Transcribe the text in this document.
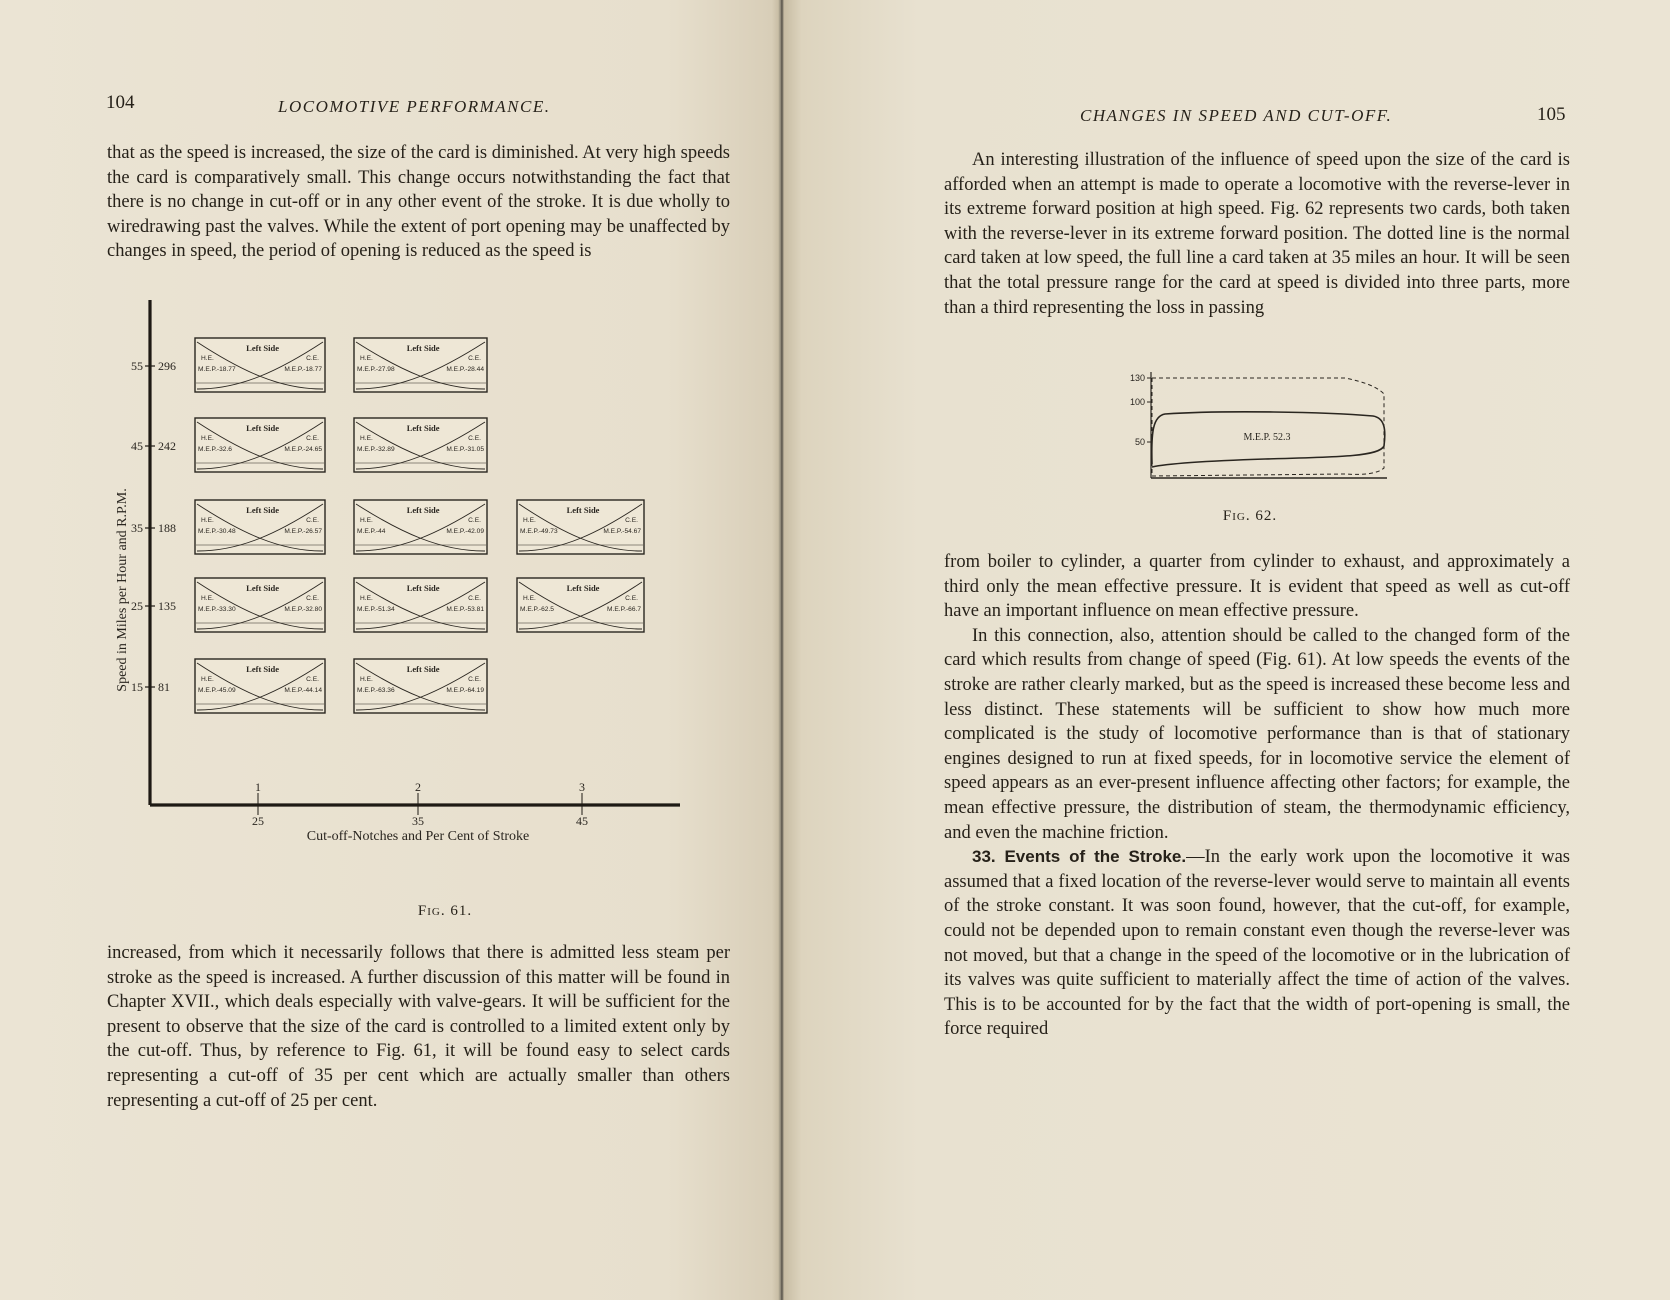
104	LOCOMOTIVE PERFORMANCE.

that as the speed is increased, the size of the card is diminished. At very high speeds the card is comparatively small. This change occurs notwithstanding the fact that there is no change in cut-off or in any other event of the stroke. It is due wholly to wiredrawing past the valves. While the extent of port opening may be unaffected by changes in speed, the period of opening is reduced as the speed is

55 296
45 242
35 188
25 135
15 81
Speed in Miles per Hour and R.P.M.
1
25
2
35
3
45
Cut-off-Notches and Per Cent of Stroke
Left Side
H.E.	C.E.
M.E.P.-18.77	M.E.P.-18.77
Left Side
H.E.	C.E.
M.E.P.-27.98	M.E.P.-28.44
Left Side
H.E.	C.E.
M.E.P.-32.6	M.E.P.-24.65
Left Side
H.E.	C.E.
M.E.P.-32.89	M.E.P.-31.05
Left Side
H.E.	C.E.
M.E.P.-30.48	M.E.P.-26.57
Left Side
H.E.	C.E.
M.E.P.-44	M.E.P.-42.09
Left Side
H.E.	C.E.
M.E.P.-49.73	M.E.P.-54.67
Left Side
H.E.	C.E.
M.E.P.-33.30	M.E.P.-32.80
Left Side
H.E.	C.E.
M.E.P.-51.34	M.E.P.-53.81
Left Side
H.E.	C.E.
M.E.P.-62.5	M.E.P.-66.7
Left Side
H.E.	C.E.
M.E.P.-45.09	M.E.P.-44.14
Left Side
H.E.	C.E.
M.E.P.-63.36	M.E.P.-64.19
Fig. 61.

increased, from which it necessarily follows that there is admitted less steam per stroke as the speed is increased. A further discussion of this matter will be found in Chapter XVII., which deals especially with valve-gears. It will be sufficient for the present to observe that the size of the card is controlled to a limited extent only by the cut-off. Thus, by reference to Fig. 61, it will be found easy to select cards representing a cut-off of 35 per cent which are actually smaller than others representing a cut-off of 25 per cent.

CHANGES IN SPEED AND CUT-OFF.	105

An interesting illustration of the influence of speed upon the size of the card is afforded when an attempt is made to operate a locomotive with the reverse-lever in its extreme forward position at high speed. Fig. 62 represents two cards, both taken with the reverse-lever in its extreme forward position. The dotted line is the normal card taken at low speed, the full line a card taken at 35 miles an hour. It will be seen that the total pressure range for the card at speed is divided into three parts, more than a third representing the loss in passing

130
100
50	M.E.P. 52.3
Fig. 62.

from boiler to cylinder, a quarter from cylinder to exhaust, and approximately a third only the mean effective pressure. It is evident that speed as well as cut-off have an important influence on mean effective pressure.

In this connection, also, attention should be called to the changed form of the card which results from change of speed (Fig. 61). At low speeds the events of the stroke are rather clearly marked, but as the speed is increased these become less and less distinct. These statements will be sufficient to show how much more complicated is the study of locomotive performance than is that of stationary engines designed to run at fixed speeds, for in locomotive service the element of speed appears as an ever-present influence affecting other factors; for example, the mean effective pressure, the distribution of steam, the thermodynamic efficiency, and even the machine friction.

33. Events of the Stroke.—In the early work upon the locomotive it was assumed that a fixed location of the reverse-lever would serve to maintain all events of the stroke constant. It was soon found, however, that the cut-off, for example, could not be depended upon to remain constant even though the reverse-lever was not moved, but that a change in the speed of the locomotive or in the lubrication of its valves was quite sufficient to materially affect the time of action of the valves. This is to be accounted for by the fact that the width of port-opening is small, the force required
